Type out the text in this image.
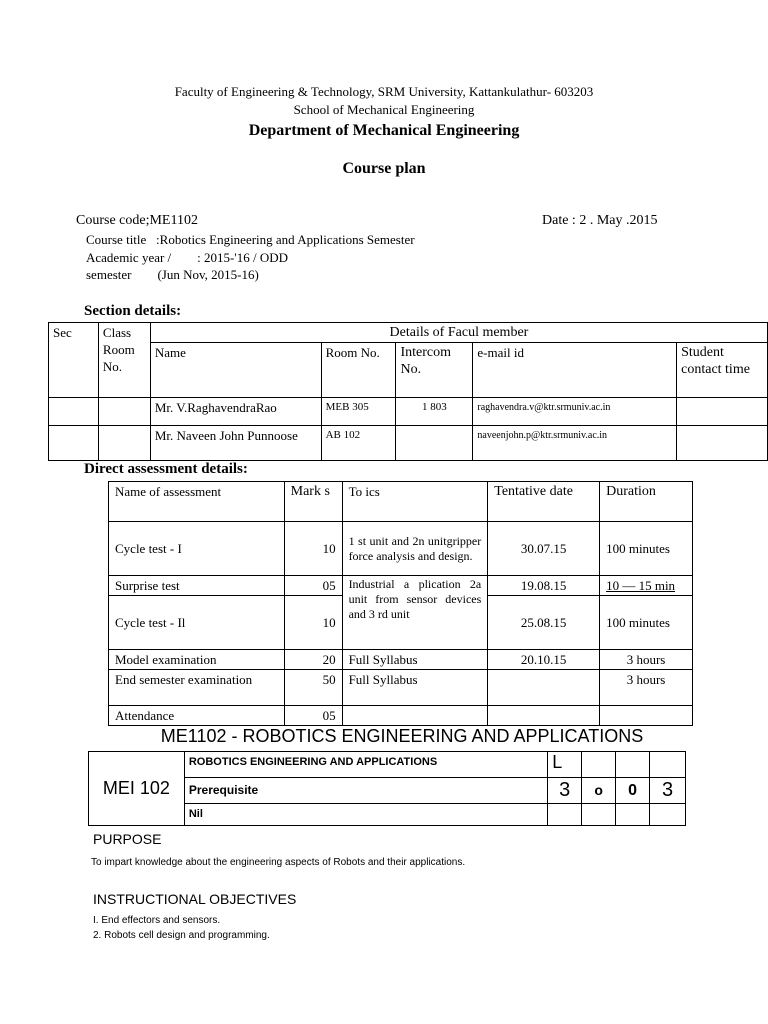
Faculty of Engineering & Technology, SRM University, Kattankulathur- 603203
School of Mechanical Engineering
Department of Mechanical Engineering
Course plan
Course code;ME1102	Date : 2 . May .2015
Course title   :Robotics Engineering and Applications Semester
Academic year /        : 2015-'16 / ODD
semester        (Jun Nov, 2015-16)
Section details:
Sec	Class Room No.	Details of Facul member				
		Name	Room No.	Intercom No.	e-mail id	Student contact time
		Mr. V.RaghavendraRao	MEB 305	1 803	raghavendra.v@ktr.srmuniv.ac.in	
		Mr. Naveen John Punnoose	AB 102		naveenjohn.p@ktr.srmuniv.ac.in	
Direct assessment details:
Name of assessment	Mark s	To ics	Tentative date	Duration
Cycle test - I	10	1 st unit and 2n unitgripper force analysis and design.	30.07.15	100 minutes
Surprise test	05	Industrial a plication 2a unit from sensor devices and 3 rd unit	19.08.15	10 — 15 min
Cycle test - Il	10		25.08.15	100 minutes
Model examination	20	Full Syllabus	20.10.15	3 hours
End semester examination	50	Full Syllabus		3 hours
Attendance	05			
ME1102 - ROBOTICS ENGINEERING AND APPLICATIONS
MEI 102	ROBOTICS ENGINEERING AND APPLICATIONS	L			
	Prerequisite	3	o	0	3
	Nil				
PURPOSE
To impart knowledge about the engineering aspects of Robots and their applications.
INSTRUCTIONAL OBJECTIVES
I. End effectors and sensors.
2. Robots cell design and programming.
